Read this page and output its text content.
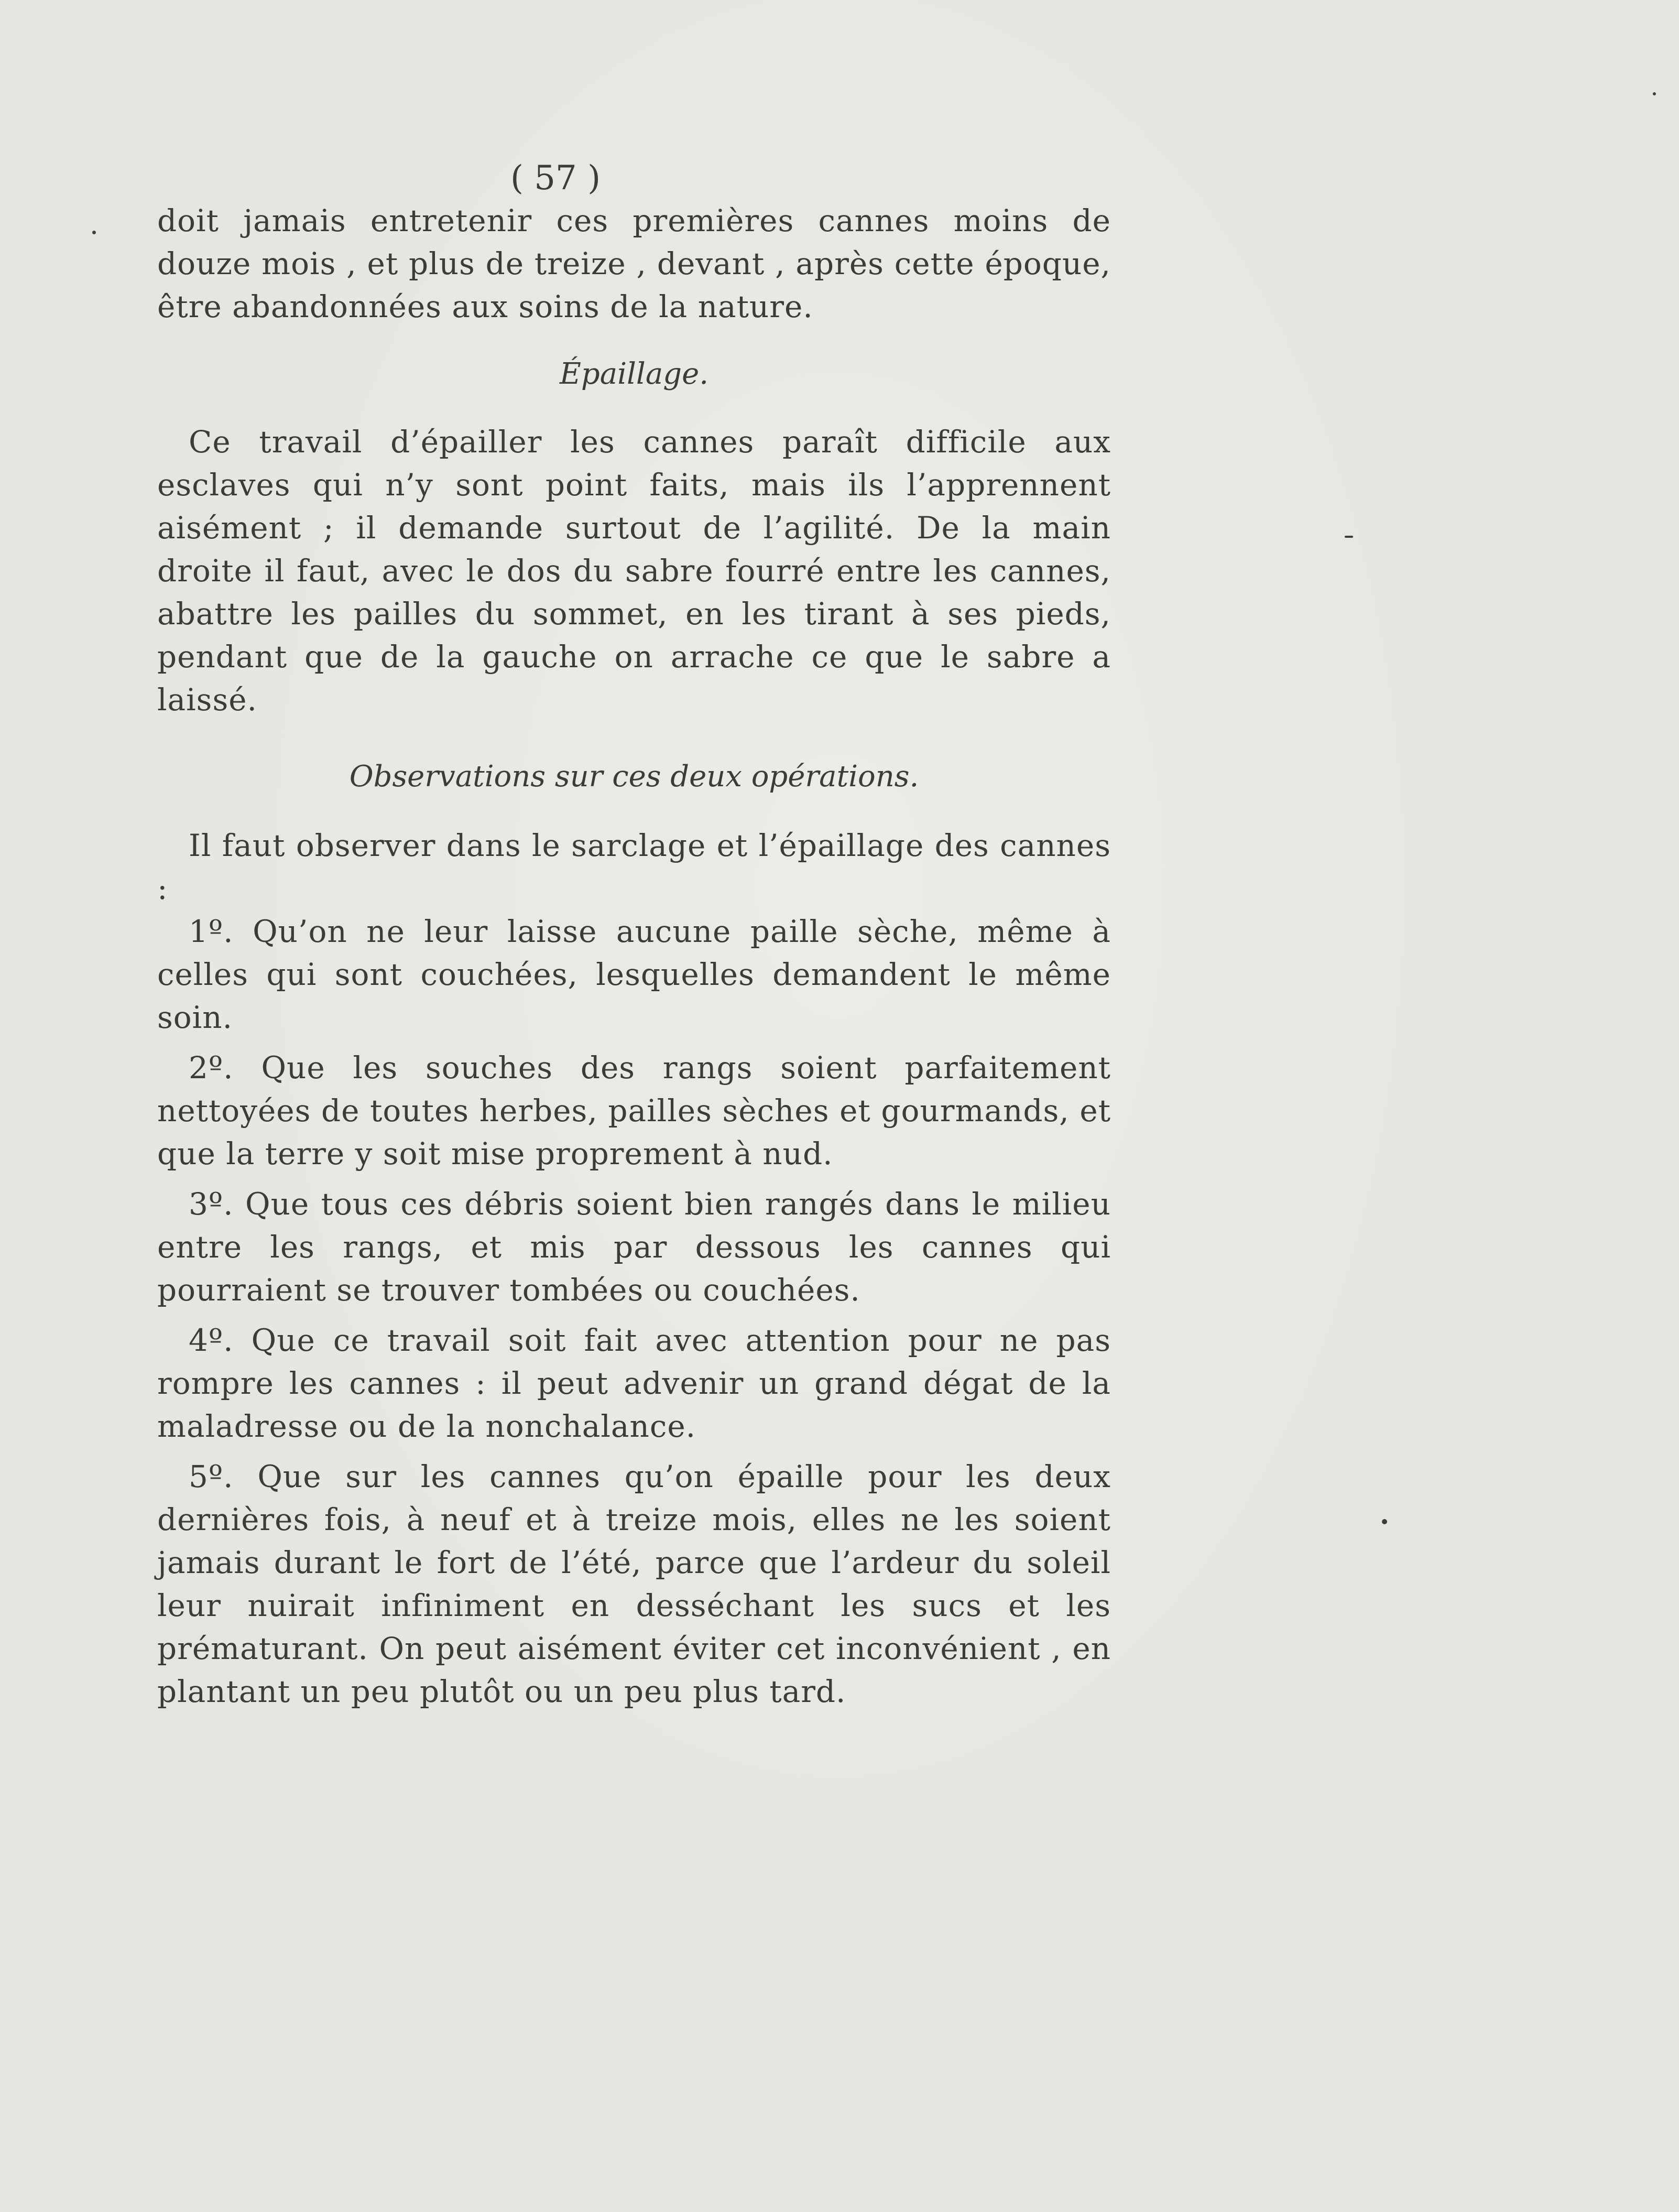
( 57 )

doit jamais entretenir ces premières cannes moins de douze mois , et plus de treize , devant , après cette époque, être abandonnées aux soins de la nature.

Épaillage.

Ce travail d’épailler les cannes paraît difficile aux esclaves qui n’y sont point faits, mais ils l’apprennent aisément ; il demande surtout de l’agilité. De la main droite il faut, avec le dos du sabre fourré entre les cannes, abattre les pailles du sommet, en les tirant à ses pieds, pendant que de la gauche on arrache ce que le sabre a laissé.

Observations sur ces deux opérations.

Il faut observer dans le sarclage et l’épaillage des cannes :

1º. Qu’on ne leur laisse aucune paille sèche, même à celles qui sont couchées, lesquelles demandent le même soin.

2º. Que les souches des rangs soient parfaitement nettoyées de toutes herbes, pailles sèches et gourmands, et que la terre y soit mise proprement à nud.

3º. Que tous ces débris soient bien rangés dans le milieu entre les rangs, et mis par dessous les cannes qui pourraient se trouver tombées ou couchées.

4º. Que ce travail soit fait avec attention pour ne pas rompre les cannes : il peut advenir un grand dégat de la maladresse ou de la nonchalance.

5º. Que sur les cannes qu’on épaille pour les deux dernières fois, à neuf et à treize mois, elles ne les soient jamais durant le fort de l’été, parce que l’ardeur du soleil leur nuirait infiniment en desséchant les sucs et les prématurant. On peut aisément éviter cet inconvénient , en plantant un peu plutôt ou un peu plus tard.
